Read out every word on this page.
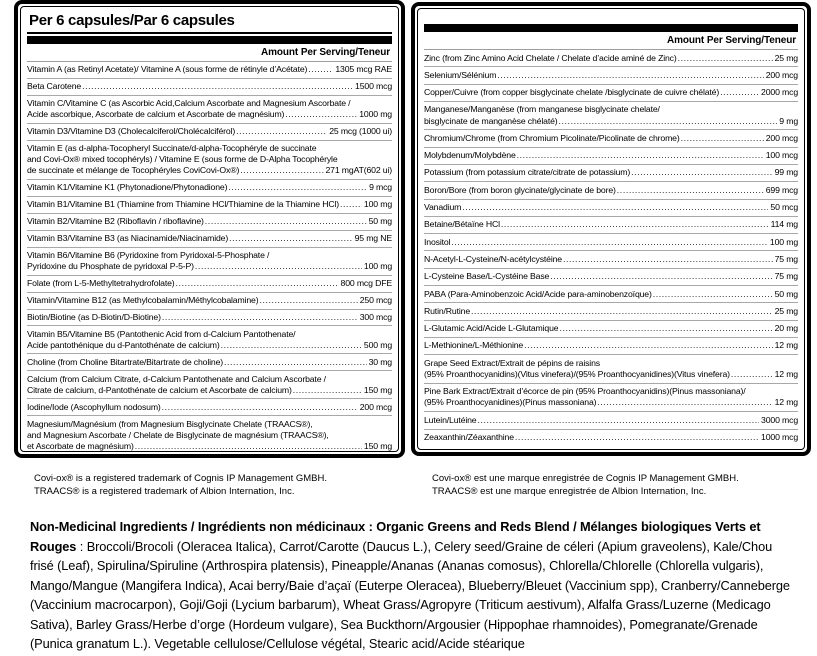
Per 6 capsules/Par 6 capsules
Amount Per Serving/Teneur
Vitamin A (as Retinyl Acetate)/ Vitamine A (sous forme de rétinyle d’Acétate) .....	1305 mcg RAE
Beta Carotene .....	1500 mcg
Vitamin C/Vitamine C (as Ascorbic Acid,Calcium Ascorbate and Magnesium Ascorbate /
Acide ascorbique, Ascorbate de calcium et Ascorbate de magnésium) .....	1000 mg
Vitamin D3/Vitamine D3 (Cholecalciferol/Cholécalciférol) .....	25 mcg (1000 ui)
Vitamin E (as d-alpha-Tocopheryl Succinate/d-alpha-Tocophéryle de succinate
and Covi-Ox® mixed tocophéryls) / Vitamine E (sous forme de D-Alpha Tocophéryle
de succinate et mélange de Tocophéryles CoviCovi-Ox®) .....	271 mgAT(602 ui)
Vitamin K1/Vitamine K1 (Phytonadione/Phytonadione) .....	9 mcg
Vitamin B1/Vitamine B1 (Thiamine from Thiamine HCl/Thiamine de la Thiamine HCl) .....	100 mg
Vitamin B2/Vitamine B2 (Riboflavin / riboflavine) .....	50 mg
Vitamin B3/Vitamine B3 (as Niacinamide/Niacinamide) .....	95 mg NE
Vitamin B6/Vitamine B6 (Pyridoxine from Pyridoxal-5-Phosphate /
Pyridoxine du Phosphate de pyridoxal P-5-P) .....	100 mg
Folate (from L-5-Methyltetrahydrofolate) .....	800 mcg DFE
Vitamin/Vitamine B12 (as Methylcobalamin/Méthylcobalamine) .....	250 mcg
Biotin/Biotine (as D-Biotin/D-Biotine) .....	300 mcg
Vitamin B5/Vitamine B5 (Pantothenic Acid from d-Calcium Pantothenate/
Acide pantothénique du d-Pantothénate de calcium) .....	500 mg
Choline (from Choline Bitartrate/Bitartrate de choline) .....	30 mg
Calcium (from Calcium Citrate, d-Calcium Pantothenate and Calcium Ascorbate /
Citrate de calcium, d-Pantothénate de calcium et Ascorbate de calcium) .....	150 mg
Iodine/Iode (Ascophyllum nodosum) .....	200 mcg
Magnesium/Magnésium (from Magnesium Bisglycinate Chelate (TRAACS®),
and Magnesium Ascorbate / Chelate de Bisglycinate de magnésium (TRAACS®),
et Ascorbate de magnésium) .....	150 mg
Amount Per Serving/Teneur
Zinc (from Zinc Amino Acid Chelate / Chelate d’acide aminé de Zinc) .....	25 mg
Selenium/Sélénium .....	200 mcg
Copper/Cuivre (from copper bisglycinate chelate /bisglycinate de cuivre chélaté) .....	2000 mcg
Manganese/Manganèse (from manganese bisglycinate chelate/
bisglycinate de manganèse chélaté) .....	9 mg
Chromium/Chrome (from Chromium Picolinate/Picolinate de chrome) .....	200 mcg
Molybdenum/Molybdène .....	100 mcg
Potassium (from potassium citrate/citrate de potassium) .....	99 mg
Boron/Bore (from boron glycinate/glycinate de bore) .....	699 mcg
Vanadium .....	50 mcg
Betaine/Bétaïne HCl .....	114 mg
Inositol .....	100 mg
N-Acetyl-L-Cysteine/N-acétylcystéine .....	75 mg
L-Cysteine Base/L-Cystéine Base .....	75 mg
PABA (Para-Aminobenzoic Acid/Acide para-aminobenzoïque) .....	50 mg
Rutin/Rutine .....	25 mg
L-Glutamic Acid/Acide L-Glutamique .....	20 mg
L-Methionine/L-Méthionine .....	12 mg
Grape Seed Extract/Extrait de pépins de raisins
(95% Proanthocyanidins)(Vitus vinefera)/(95% Proanthocyanidines)(Vitus vinefera) .....	12 mg
Pine Bark Extract/Extrait d’écorce de pin (95% Proanthocyanidins)(Pinus massoniana)/
(95% Proanthocyanidines)(Pinus massoniana) .....	12 mg
Lutein/Lutéine .....	3000 mcg
Zeaxanthin/Zéaxanthine .....	1000 mcg
Covi-ox® is a registered trademark of Cognis IP Management GMBH.
TRAACS® is a registered trademark of Albion Internation, Inc.
Covi-ox® est une marque enregistrée de Cognis IP Management GMBH.
TRAACS® est une marque enregistrée de Albion Internation, Inc.

Non-Medicinal Ingredients / Ingrédients non médicinaux : Organic Greens and Reds Blend / Mélanges biologiques Verts et Rouges : Broccoli/Brocoli (Oleracea Italica), Carrot/Carotte (Daucus L.), Celery seed/Graine de céleri (Apium graveolens), Kale/Chou frisé (Leaf), Spirulina/Spiruline (Arthrospira platensis), Pineapple/Ananas (Ananas comosus), Chlorella/Chlorelle (Chlorella vulgaris), Mango/Mangue (Mangifera Indica), Acai berry/Baie d’açaï (Euterpe Oleracea), Blueberry/Bleuet (Vaccinium spp), Cranberry/Canneberge (Vaccinium macrocarpon), Goji/Goji (Lycium barbarum), Wheat Grass/Agropyre (Triticum aestivum), Alfalfa Grass/Luzerne (Medicago Sativa), Barley Grass/Herbe d’orge (Hordeum vulgare), Sea Buckthorn/Argousier (Hippophae rhamnoides), Pomegranate/Grenade (Punica granatum L.). Vegetable cellulose/Cellulose végétal, Stearic acid/Acide stéarique
